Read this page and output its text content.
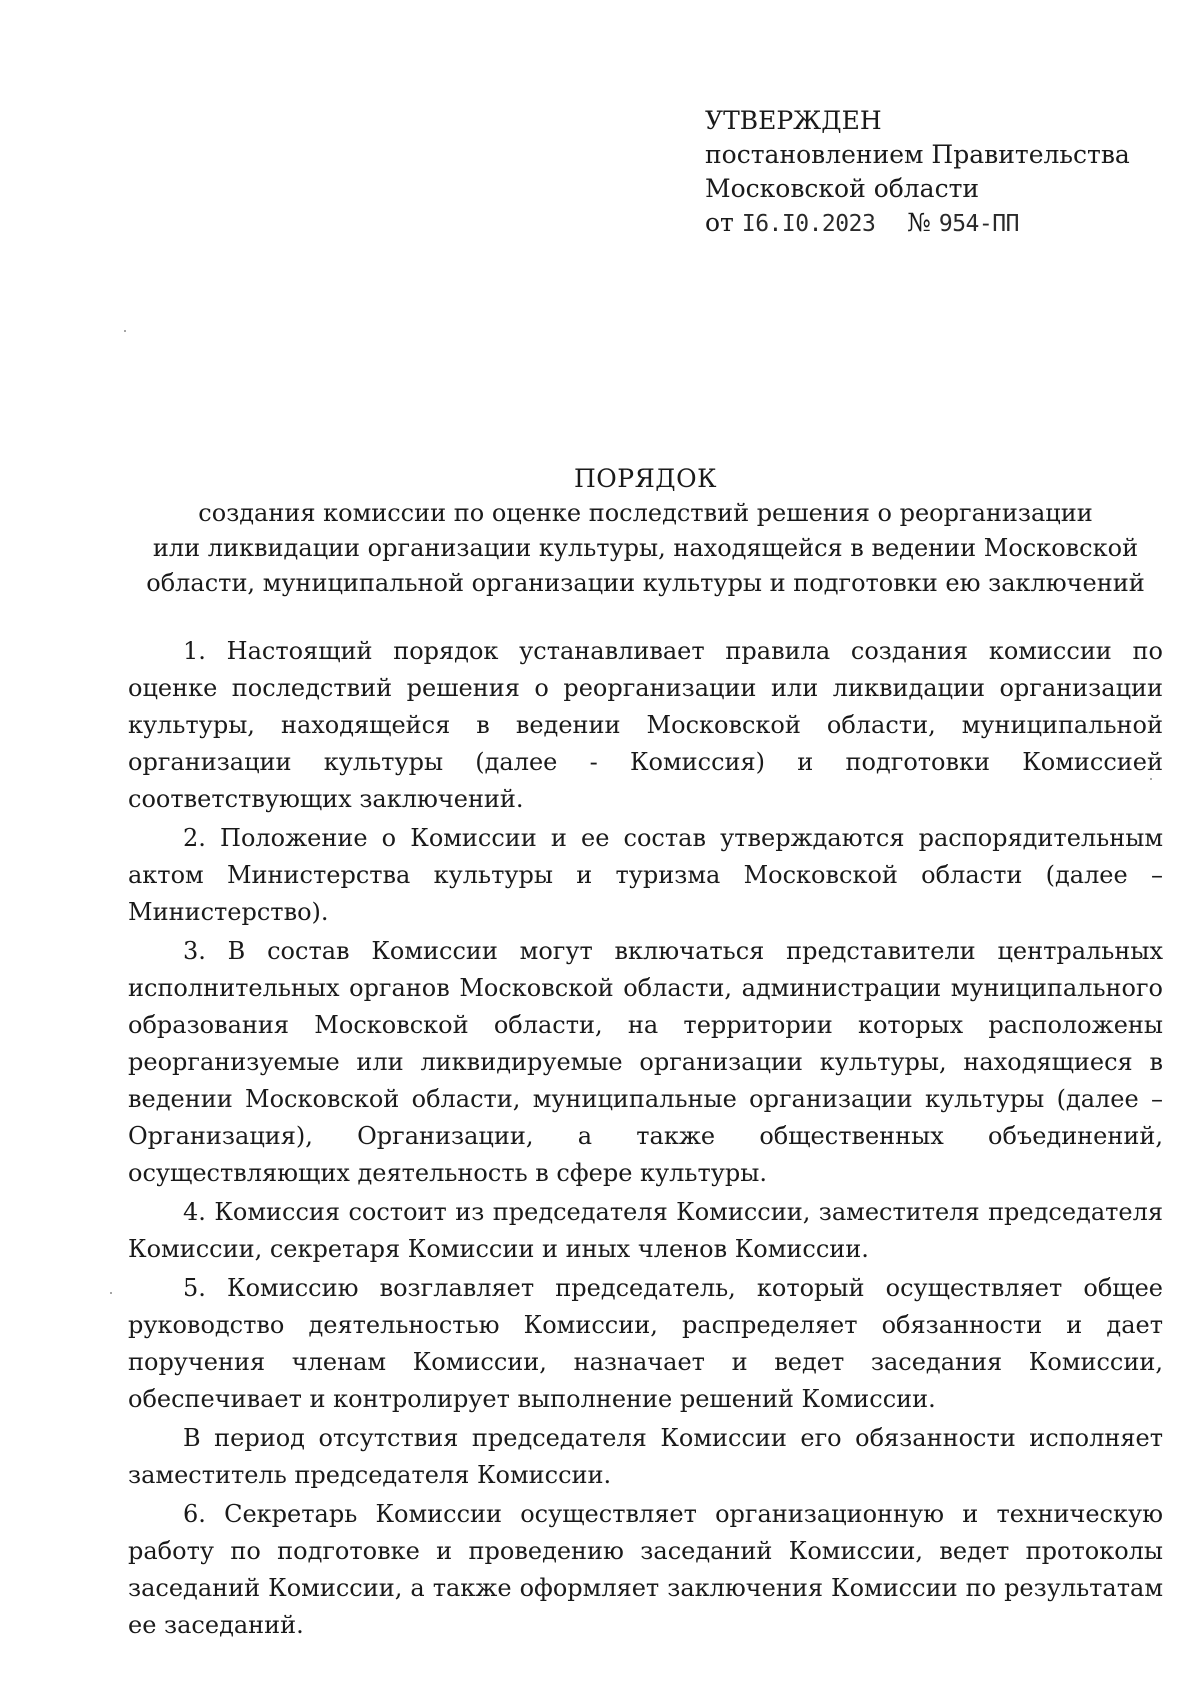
УТВЕРЖДЕН
постановлением Правительства
Московской области
от I6.I0.2023 № 954-ПП
ПОРЯДОК
создания комиссии по оценке последствий решения о реорганизации
или ликвидации организации культуры, находящейся в ведении Московской
области, муниципальной организации культуры и подготовки ею заключений

1. Настоящий порядок устанавливает правила создания комиссии по оценке последствий решения о реорганизации или ликвидации организации культуры, находящейся в ведении Московской области, муниципальной организации культуры (далее - Комиссия) и подготовки Комиссией соответствующих заключений.

2. Положение о Комиссии и ее состав утверждаются распорядительным актом Министерства культуры и туризма Московской области (далее – Министерство).

3. В состав Комиссии могут включаться представители центральных исполнительных органов Московской области, администрации муниципального образования Московской области, на территории которых расположены реорганизуемые или ликвидируемые организации культуры, находящиеся в ведении Московской области, муниципальные организации культуры (далее – Организация), Организации, а также общественных объединений, осуществляющих деятельность в сфере культуры.

4. Комиссия состоит из председателя Комиссии, заместителя председателя Комиссии, секретаря Комиссии и иных членов Комиссии.

5. Комиссию возглавляет председатель, который осуществляет общее руководство деятельностью Комиссии, распределяет обязанности и дает поручения членам Комиссии, назначает и ведет заседания Комиссии, обеспечивает и контролирует выполнение решений Комиссии.

В период отсутствия председателя Комиссии его обязанности исполняет заместитель председателя Комиссии.

6. Секретарь Комиссии осуществляет организационную и техническую работу по подготовке и проведению заседаний Комиссии, ведет протоколы заседаний Комиссии, а также оформляет заключения Комиссии по результатам ее заседаний.
